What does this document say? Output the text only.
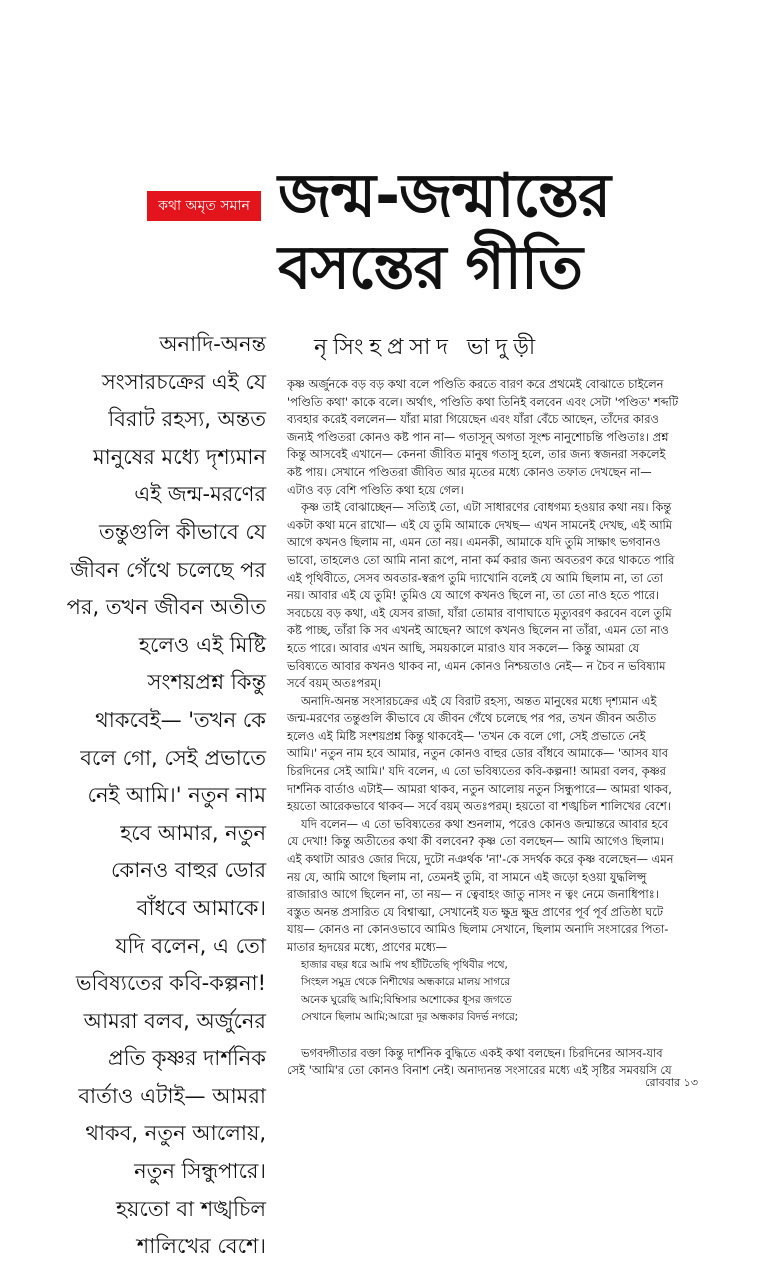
কথা অমৃত সমান জন্ম-জন্মান্তের
বসন্তের গীতি
নৃসিংহপ্রসাদ ভাদুড়ী
অনাদি-অনন্ত
সংসারচক্রের এই যে
বিরাট রহস্য, অন্তত
মানুষের মধ্যে দৃশ্যমান
এই জন্ম-মরণের
তন্তুগুলি কীভাবে যে
জীবন গেঁথে চলেছে পর
পর, তখন জীবন অতীত
হলেও এই মিষ্টি
সংশয়প্রশ্ন কিন্তু
থাকবেই— 'তখন কে
বলে গো, সেই প্রভাতে
নেই আমি।' নতুন নাম
হবে আমার, নতুন
কোনও বাহুর ডোর
বাঁধবে আমাকে।
যদি বলেন, এ তো
ভবিষ্যতের কবি-কল্পনা!
আমরা বলব, অর্জুনের
প্রতি কৃষ্ণর দার্শনিক
বার্তাও এটাই— আমরা
থাকব, নতুন আলোয়,
নতুন সিন্ধুপারে।
হয়তো বা শঙ্খচিল
শালিখের বেশে।
কৃষ্ণ অর্জুনকে বড় বড় কথা বলে পণ্ডিতি করতে বারণ করে প্রথমেই বোঝাতে চাইলেন
'পণ্ডিতি কথা' কাকে বলে। অর্থাৎ, পণ্ডিতি কথা তিনিই বলবেন এবং সেটা 'পণ্ডিত' শব্দটি
ব্যবহার করেই বললেন— যাঁরা মারা গিয়েছেন এবং যাঁরা বেঁচে আছেন, তাঁদের কারও
জন্যই পণ্ডিতরা কোনও কষ্ট পান না— গতাসূন্ অগতা সূংশ্চ নানুশোচন্তি পণ্ডিতাঃ। প্রশ্ন
কিন্তু আসবেই এখানে— কেননা জীবিত মানুষ গতাসু হলে, তার জন্য স্বজনরা সকলেই
কষ্ট পায়। সেখানে পণ্ডিতরা জীবিত আর মৃতের মধ্যে কোনও তফাত দেখছেন না—
এটাও বড় বেশি পণ্ডিতি কথা হয়ে গেল।
কৃষ্ণ তাই বোঝাচ্ছেন— সত্যিই তো, এটা সাধারণের বোধগম্য হওয়ার কথা নয়। কিন্তু
একটা কথা মনে রাখো— এই যে তুমি আমাকে দেখছ— এখন সামনেই দেখছ, এই আমি
আগে কখনও ছিলাম না, এমন তো নয়। এমনকী, আমাকে যদি তুমি সাক্ষাৎ ভগবানও
ভাবো, তাহলেও তো আমি নানা রূপে, নানা কর্ম করার জন্য অবতরণ করে থাকতে পারি
এই পৃথিবীতে, সেসব অবতার-স্বরূপ তুমি দ্যাখোনি বলেই যে আমি ছিলাম না, তা তো
নয়। আবার এই যে তুমি! তুমিও যে আগে কখনও ছিলে না, তা তো নাও হতে পারে।
সবচেয়ে বড় কথা, এই যেসব রাজা, যাঁরা তোমার বাণাঘাতে মৃত্যুবরণ করবেন বলে তুমি
কষ্ট পাচ্ছ, তাঁরা কি সব এখনই আছেন? আগে কখনও ছিলেন না তাঁরা, এমন তো নাও
হতে পারে। আবার এখন আছি, সময়কালে মারাও যাব সকলে— কিন্তু আমরা যে
ভবিষ্যতে আবার কখনও থাকব না, এমন কোনও নিশ্চয়তাও নেই— ন চৈব ন ভবিষ্যাম
সর্বে বয়ম্ অতঃপরম্।
অনাদি-অনন্ত সংসারচক্রের এই যে বিরাট রহস্য, অন্তত মানুষের মধ্যে দৃশ্যমান এই
জন্ম-মরণের তন্তুগুলি কীভাবে যে জীবন গেঁথে চলেছে পর পর, তখন জীবন অতীত
হলেও এই মিষ্টি সংশয়প্রশ্ন কিন্তু থাকবেই— 'তখন কে বলে গো, সেই প্রভাতে নেই
আমি।' নতুন নাম হবে আমার, নতুন কোনও বাহুর ডোর বাঁধবে আমাকে— 'আসব যাব
চিরদিনের সেই আমি।' যদি বলেন, এ তো ভবিষ্যতের কবি-কল্পনা! আমরা বলব, কৃষ্ণর
দার্শনিক বার্তাও এটাই— আমরা থাকব, নতুন আলোয় নতুন সিন্ধুপারে— আমরা থাকব,
হয়তো আরেকভাবে থাকব— সর্বে বয়ম্ অতঃপরম্। হয়তো বা শঙ্খচিল শালিখের বেশে।
যদি বলেন— এ তো ভবিষ্যতের কথা শুনলাম, পরেও কোনও জন্মান্তরে আবার হবে
যে দেখা! কিন্তু অতীতের কথা কী বলবেন? কৃষ্ণ তো বলছেন— আমি আগেও ছিলাম।
এই কথাটা আরও জোর দিয়ে, দুটো নঞর্থক 'না'-কে সদর্থক করে কৃষ্ণ বলেছেন— এমন
নয় যে, আমি আগে ছিলাম না, তেমনই তুমি, বা সামনে এই জড়ো হওয়া যুদ্ধলিপ্সু
রাজারাও আগে ছিলেন না, তা নয়— ন ত্বেবাহং জাতু নাসং ন ত্বং নেমে জনাধিপাঃ।
বস্তুত অনন্ত প্রসারিত যে বিশ্বাত্মা, সেখানেই যত ক্ষুদ্র ক্ষুদ্র প্রাণের পূর্ব পূর্ব প্রতিষ্ঠা ঘটে
যায়— কোনও না কোনওভাবে আমিও ছিলাম সেখানে, ছিলাম অনাদি সংসারের পিতা-
মাতার হৃদয়ের মধ্যে, প্রাণের মধ্যে—
হাজার বছর ধরে আমি পথ হাঁটিতেছি পৃথিবীর পথে,
সিংহল সমুদ্র থেকে নিশীথের অন্ধকারে মালয় সাগরে
অনেক ঘুরেছি আমি;বিম্বিসার অশোকের ধূসর জগতে
সেখানে ছিলাম আমি;আরো দূর অন্ধকার বিদর্ভ নগরে;
ভগবদ্গীতার বক্তা কিন্তু দার্শনিক বুদ্ধিতে একই কথা বলছেন। চিরদিনের আসব-যাব
সেই 'আমি'র তো কোনও বিনাশ নেই। অনাদ্যনন্ত সংসারের মধ্যে এই সৃষ্টির সমবয়সি যে
রোববার ১৩
